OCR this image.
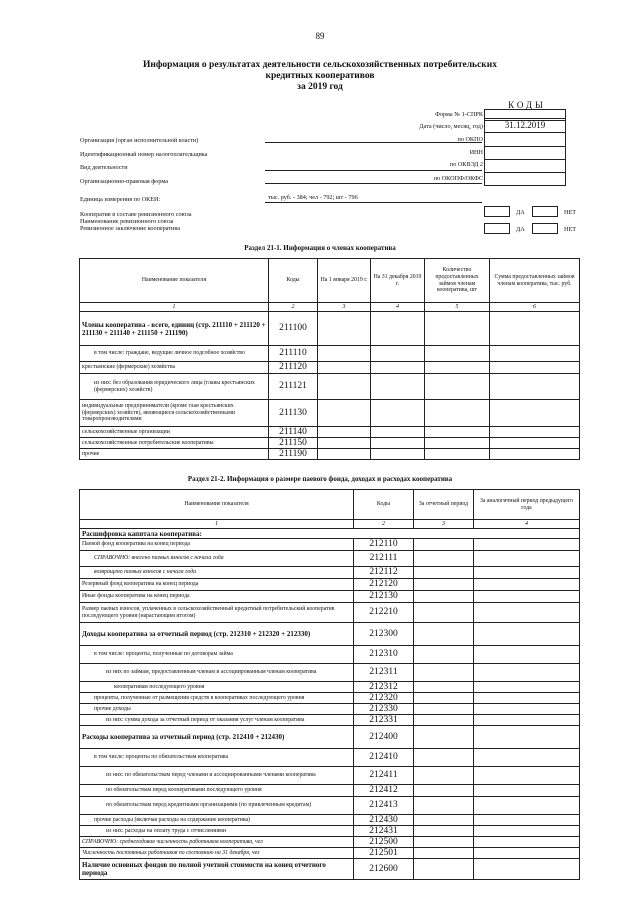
89
Информация о результатах деятельности сельскохозяйственных потребительских
кредитных кооперативов
за 2019 год
КОДЫ
Форма № 1-СПРК
Дата (число, месяц, год)	31.12.2019
по ОКПО
ИНН
по ОКВЭД 2
по ОКОПФ/ОКФС
Организация (орган исполнительной власти)
Идентификационный номер налогоплательщика
Вид деятельности
Организационно-правовая форма
Единица измерения по ОКЕИ:	тыс. руб. - 384; чел - 792; шт - 796
Кооператив в составе ревизионного союза
Наименование ревизионного союза
Ревизионное заключение кооператива
ДА	НЕТ
ДА	НЕТ
Раздел 21-1. Информация о членах кооператива
Наименование показателя	Коды	На 1 января 2019 г.	На 31 декабря 2019 г.	Количество предоставленных займов членам кооператива, шт	Сумма предоставленных займов членам кооператива, тыс. руб.
1	2	3	4	5	6
Члены кооператива - всего, единиц (стр. 211110 + 211120 + 211130 + 211140 + 211150 + 211190)	211100				
в том числе: граждане, ведущие личное подсобное хозяйство	211110				
крестьянские (фермерские) хозяйства	211120				
из них: без образования юридического лица (главы крестьянских (фермерских) хозяйств)	211121				
индивидуальные предприниматели (кроме глав крестьянских (фермерских) хозяйств), являющиеся сельскохозяйственными товаропроизводителями	211130				
сельскохозяйственные организации	211140				
сельскохозяйственные потребительские кооперативы	211150				
прочие	211190				
Раздел 21-2. Информация о размере паевого фонда, доходах и расходах кооператива
Наименование показателя	Коды	За отчетный период	За аналогичный период предыдущего года
1	2	3	4
Расшифровка капитала кооператива:			
Паевой фонд кооператива на конец периода	212110		
СПРАВОЧНО: внесено паевых взносов с начала года	212111		
возвращено паевых взносов с начала года	212112		
Резервный фонд кооператива на конец периода	212120		
Иные фонды кооператива на конец периода	212130		
Размер паевых взносов, уплаченных в сельскохозяйственный кредитный потребительский кооператив последующего уровня (нарастающим итогом)	212210		
Доходы кооператива за отчетный период (стр. 212310 + 212320 + 212330)	212300		
в том числе: проценты, полученные по договорам займа	212310		
из них по займам, предоставленным членам и ассоциированным членам кооператива	212311		
кооперативам последующего уровня	212312		
проценты, полученные от размещения средств в кооперативах последующего уровня	212320		
прочие доходы	212330		
из них: сумма дохода за отчетный период от оказания услуг членам кооператива	212331		
Расходы кооператива за отчетный период (стр. 212410 + 212430)	212400		
в том числе: проценты по обязательствам кооператива	212410		
из них: по обязательствам перед членами и ассоциированными членами кооператива	212411		
по обязательствам перед кооперативами последующего уровня	212412		
по обязательствам перед кредитными организациями (по привлеченным кредитам)	212413		
прочие расходы (включая расходы на содержание кооператива)	212430		
из них: расходы на оплату труда с отчислениями	212431		
СПРАВОЧНО: среднегодовая численность работников кооператива, чел	212500		
Численность постоянных работников по состоянию на 31 декабря, чел	212501		
Наличие основных фондов по полной учетной стоимости на конец отчетного периода	212600		
